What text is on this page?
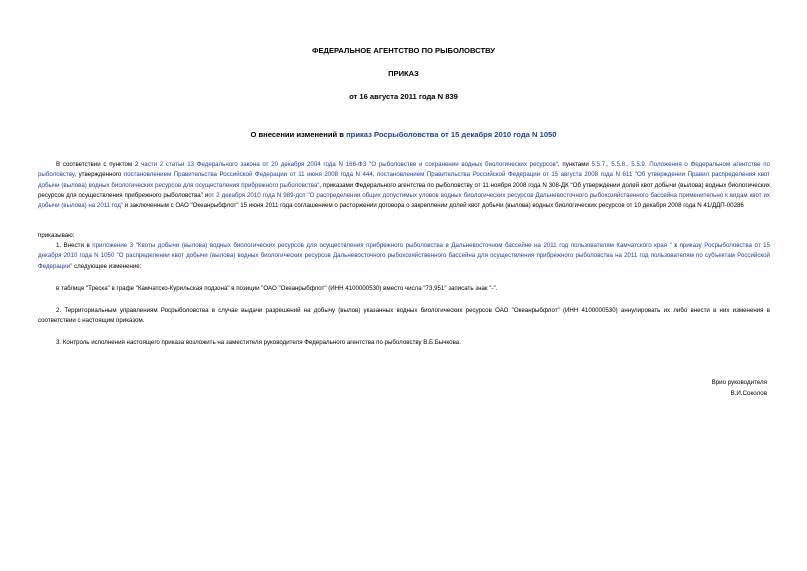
ФЕДЕРАЛЬНОЕ АГЕНТСТВО ПО РЫБОЛОВСТВУ
ПРИКАЗ
от 16 августа 2011 года N 839
О внесении изменений в приказ Росрыболовства от 15 декабря 2010 года N 1050
В соответствии с пунктом 2 части 2 статьи 13 Федерального закона от 20 декабря 2004 года N 166-ФЗ "О рыболовстве и сохранении водных биологических ресурсов", пунктами 5.5.7., 5.5.8., 5.5.9. Положения о Федеральном агентстве по рыболовству, утвержденного постановлением Правительства Российской Федерации от 11 июня 2008 года N 444, постановлением Правительства Российской Федерации от 15 августа 2008 года N 611 "Об утверждении Правил распределения квот добычи (вылова) водных биологических ресурсов для осуществления прибрежного рыболовства", приказами Федерального агентства по рыболовству от 11 ноября 2008 года N 308-ДК "Об утверждении долей квот добычи (вылова) водных биологических ресурсов для осуществления прибрежного рыболовства" иот 2 декабря 2010 года N 989-дсп "О распределении общих допустимых уловов водных биологических ресурсов Дальневосточного рыбохозяйственного бассейна применительно к видам квот их добычи (вылова) на 2011 год" и заключенным с ОАО "Океанрыбфлот" 15 июня 2011 года соглашением о расторжении договора о закреплении долей квот добычи (вылова) водных биологических ресурсов от 10 декабря 2008 года N 41/ДДП-00286
приказываю:
1. Внести в приложение 3 "Квоты добычи (вылова) водных биологических ресурсов для осуществления прибрежного рыболовства в Дальневосточном бассейне на 2011 год пользователям Камчатского края " к приказу Росрыболовства от 15 декабря 2010 года N 1050 "О распределении квот добычи (вылова) водных биологических ресурсов Дальневосточного рыбохозяйственного бассейна для осуществления прибрежного рыболовства на 2011 год пользователям по субъектам Российской Федерации" следующее изменение:
в таблице "Треска" в графе "Камчатско-Курильская подзона" в позиции "ОАО "Океанрыбфлот" (ИНН 4100000530) вместо числа "73,951" записать знак "-".
2. Территориальным управлениям Росрыболовства в случае выдачи разрешений на добычу (вылов) указанных водных биологических ресурсов ОАО "Океанрыбфлот" (ИНН 4100000530) аннулировать их либо внести в них изменения в соответствии с настоящим приказом.
3. Контроль исполнения настоящего приказа возложить на заместителя руководителя Федерального агентства по рыболовству В.Б.Бычкова.
Врио руководителя
В.И.Соколов
